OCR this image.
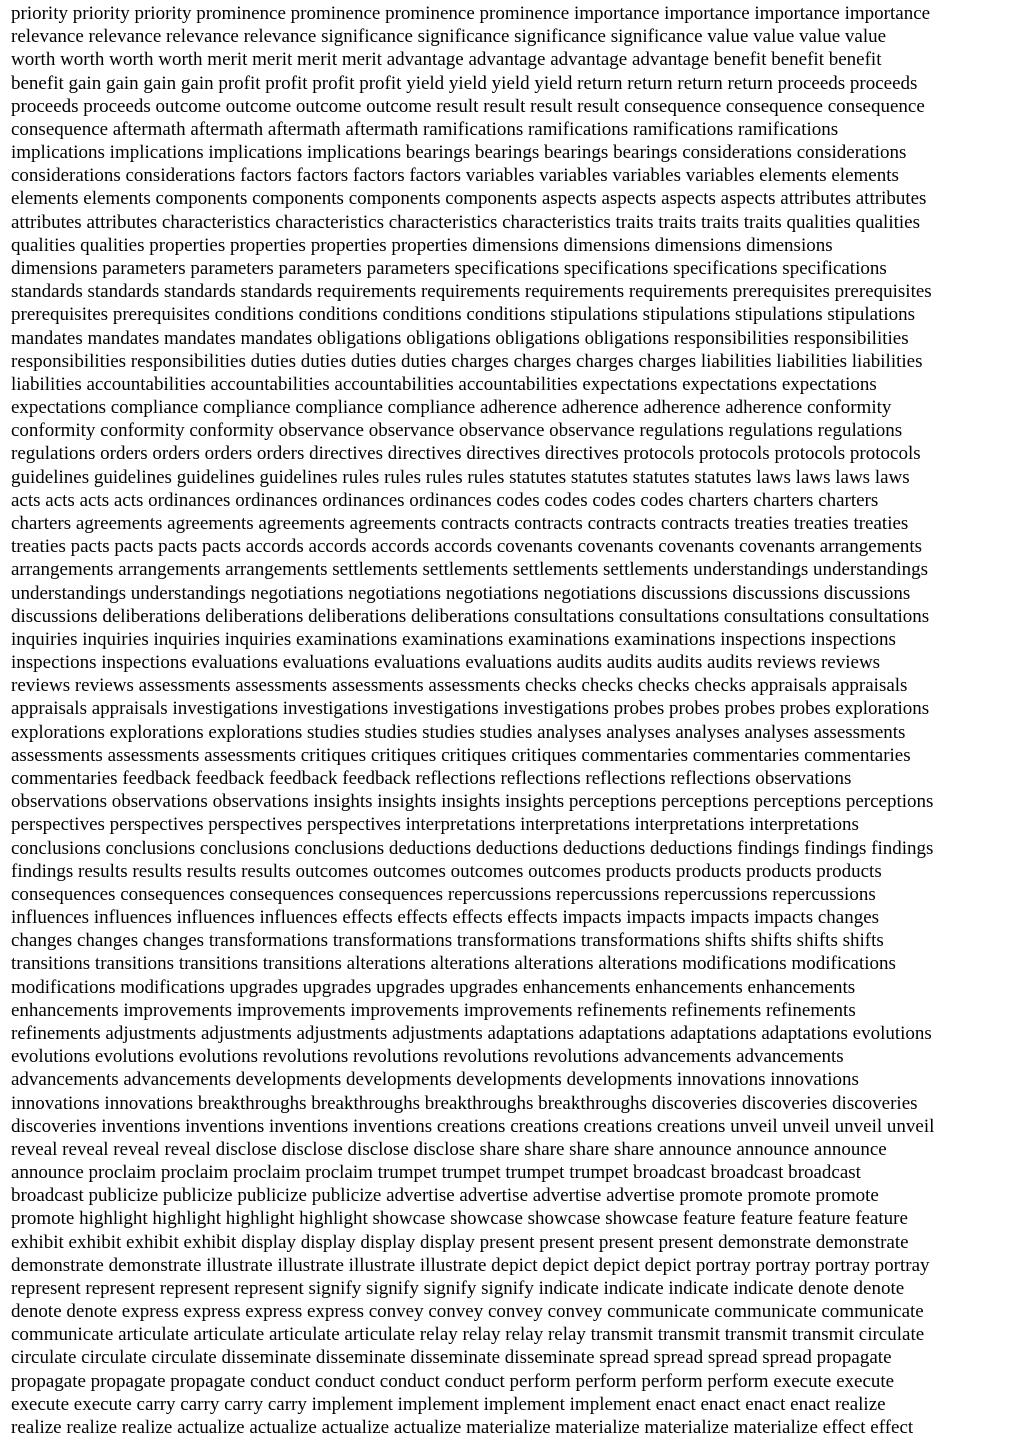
priority priority priority prominence prominence prominence prominence importance importance importance importance
relevance relevance relevance relevance significance significance significance significance value value value value
worth worth worth worth merit merit merit merit advantage advantage advantage advantage benefit benefit benefit
benefit gain gain gain gain profit profit profit profit yield yield yield yield return return return return proceeds proceeds
proceeds proceeds outcome outcome outcome outcome result result result result consequence consequence consequence
consequence aftermath aftermath aftermath aftermath ramifications ramifications ramifications ramifications
implications implications implications implications bearings bearings bearings bearings considerations considerations
considerations considerations factors factors factors factors variables variables variables variables elements elements
elements elements components components components components aspects aspects aspects aspects attributes attributes
attributes attributes characteristics characteristics characteristics characteristics traits traits traits traits qualities qualities
qualities qualities properties properties properties properties dimensions dimensions dimensions dimensions
dimensions parameters parameters parameters parameters specifications specifications specifications specifications
standards standards standards standards requirements requirements requirements requirements prerequisites prerequisites
prerequisites prerequisites conditions conditions conditions conditions stipulations stipulations stipulations stipulations
mandates mandates mandates mandates obligations obligations obligations obligations responsibilities responsibilities
responsibilities responsibilities duties duties duties duties charges charges charges charges liabilities liabilities liabilities
liabilities accountabilities accountabilities accountabilities accountabilities expectations expectations expectations
expectations compliance compliance compliance compliance adherence adherence adherence adherence conformity
conformity conformity conformity observance observance observance observance regulations regulations regulations
regulations orders orders orders orders directives directives directives directives protocols protocols protocols protocols
guidelines guidelines guidelines guidelines rules rules rules rules statutes statutes statutes statutes laws laws laws laws
acts acts acts acts ordinances ordinances ordinances ordinances codes codes codes codes charters charters charters
charters agreements agreements agreements agreements contracts contracts contracts contracts treaties treaties treaties
treaties pacts pacts pacts pacts accords accords accords accords covenants covenants covenants covenants arrangements
arrangements arrangements arrangements settlements settlements settlements settlements understandings understandings
understandings understandings negotiations negotiations negotiations negotiations discussions discussions discussions
discussions deliberations deliberations deliberations deliberations consultations consultations consultations consultations
inquiries inquiries inquiries inquiries examinations examinations examinations examinations inspections inspections
inspections inspections evaluations evaluations evaluations evaluations audits audits audits audits reviews reviews
reviews reviews assessments assessments assessments assessments checks checks checks checks appraisals appraisals
appraisals appraisals investigations investigations investigations investigations probes probes probes probes explorations
explorations explorations explorations studies studies studies studies analyses analyses analyses analyses assessments
assessments assessments assessments critiques critiques critiques critiques commentaries commentaries commentaries
commentaries feedback feedback feedback feedback reflections reflections reflections reflections observations
observations observations observations insights insights insights insights perceptions perceptions perceptions perceptions
perspectives perspectives perspectives perspectives interpretations interpretations interpretations interpretations
conclusions conclusions conclusions conclusions deductions deductions deductions deductions findings findings findings
findings results results results results outcomes outcomes outcomes outcomes products products products products
consequences consequences consequences consequences repercussions repercussions repercussions repercussions
influences influences influences influences effects effects effects effects impacts impacts impacts impacts changes
changes changes changes transformations transformations transformations transformations shifts shifts shifts shifts
transitions transitions transitions transitions alterations alterations alterations alterations modifications modifications
modifications modifications upgrades upgrades upgrades upgrades enhancements enhancements enhancements
enhancements improvements improvements improvements improvements refinements refinements refinements
refinements adjustments adjustments adjustments adjustments adaptations adaptations adaptations adaptations evolutions
evolutions evolutions evolutions revolutions revolutions revolutions revolutions advancements advancements
advancements advancements developments developments developments developments innovations innovations
innovations innovations breakthroughs breakthroughs breakthroughs breakthroughs discoveries discoveries discoveries
discoveries inventions inventions inventions inventions creations creations creations creations unveil unveil unveil unveil
reveal reveal reveal reveal disclose disclose disclose disclose share share share share announce announce announce
announce proclaim proclaim proclaim proclaim trumpet trumpet trumpet trumpet broadcast broadcast broadcast
broadcast publicize publicize publicize publicize advertise advertise advertise advertise promote promote promote
promote highlight highlight highlight highlight showcase showcase showcase showcase feature feature feature feature
exhibit exhibit exhibit exhibit display display display display present present present present demonstrate demonstrate
demonstrate demonstrate illustrate illustrate illustrate illustrate depict depict depict depict portray portray portray portray
represent represent represent represent signify signify signify signify indicate indicate indicate indicate denote denote
denote denote express express express express convey convey convey convey communicate communicate communicate
communicate articulate articulate articulate articulate relay relay relay relay transmit transmit transmit transmit circulate
circulate circulate circulate disseminate disseminate disseminate disseminate spread spread spread spread propagate
propagate propagate propagate conduct conduct conduct conduct perform perform perform perform execute execute
execute execute carry carry carry carry implement implement implement implement enact enact enact enact realize
realize realize realize actualize actualize actualize actualize materialize materialize materialize materialize effect effect
